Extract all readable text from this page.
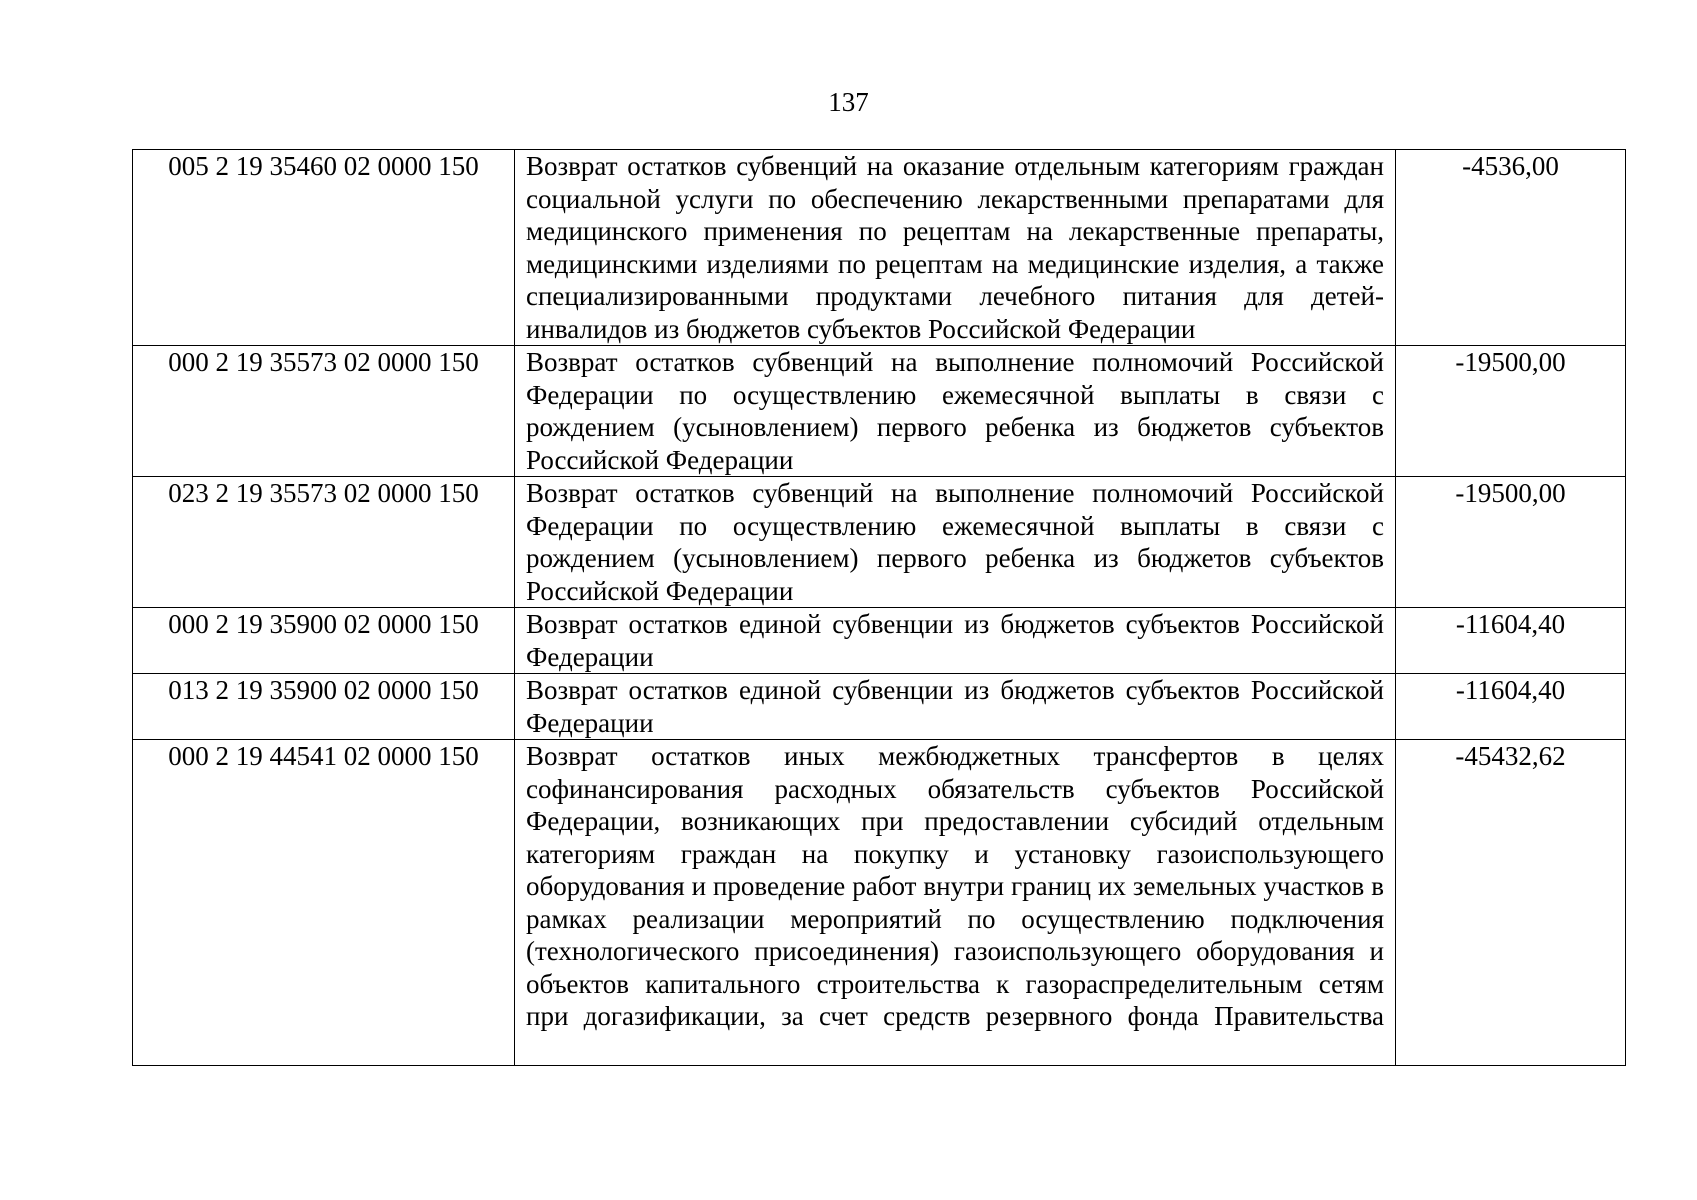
137
005 2 19 35460 02 0000 150	Возврат остатков субвенций на оказание отдельным категориям граждан социальной услуги по обеспечению лекарственными препаратами для медицинского применения по рецептам на лекарственные препараты, медицинскими изделиями по рецептам на медицинские изделия, а также специализированными продуктами лечебного питания для детей-инвалидов из бюджетов субъектов Российской Федерации	-4536,00
000 2 19 35573 02 0000 150	Возврат остатков субвенций на выполнение полномочий Российской Федерации по осуществлению ежемесячной выплаты в связи с рождением (усыновлением) первого ребенка из бюджетов субъектов Российской Федерации	-19500,00
023 2 19 35573 02 0000 150	Возврат остатков субвенций на выполнение полномочий Российской Федерации по осуществлению ежемесячной выплаты в связи с рождением (усыновлением) первого ребенка из бюджетов субъектов Российской Федерации	-19500,00
000 2 19 35900 02 0000 150	Возврат остатков единой субвенции из бюджетов субъектов Российской Федерации	-11604,40
013 2 19 35900 02 0000 150	Возврат остатков единой субвенции из бюджетов субъектов Российской Федерации	-11604,40
000 2 19 44541 02 0000 150	Возврат остатков иных межбюджетных трансфертов в целях софинансирования расходных обязательств субъектов Российской Федерации, возникающих при предоставлении субсидий отдельным категориям граждан на покупку и установку газоиспользующего оборудования и проведение работ внутри границ их земельных участков в рамках реализации мероприятий по осуществлению подключения (технологического присоединения) газоиспользующего оборудования и объектов капитального строительства к газораспределительным сетям при догазификации, за счет средств резервного фонда Правительства	-45432,62
